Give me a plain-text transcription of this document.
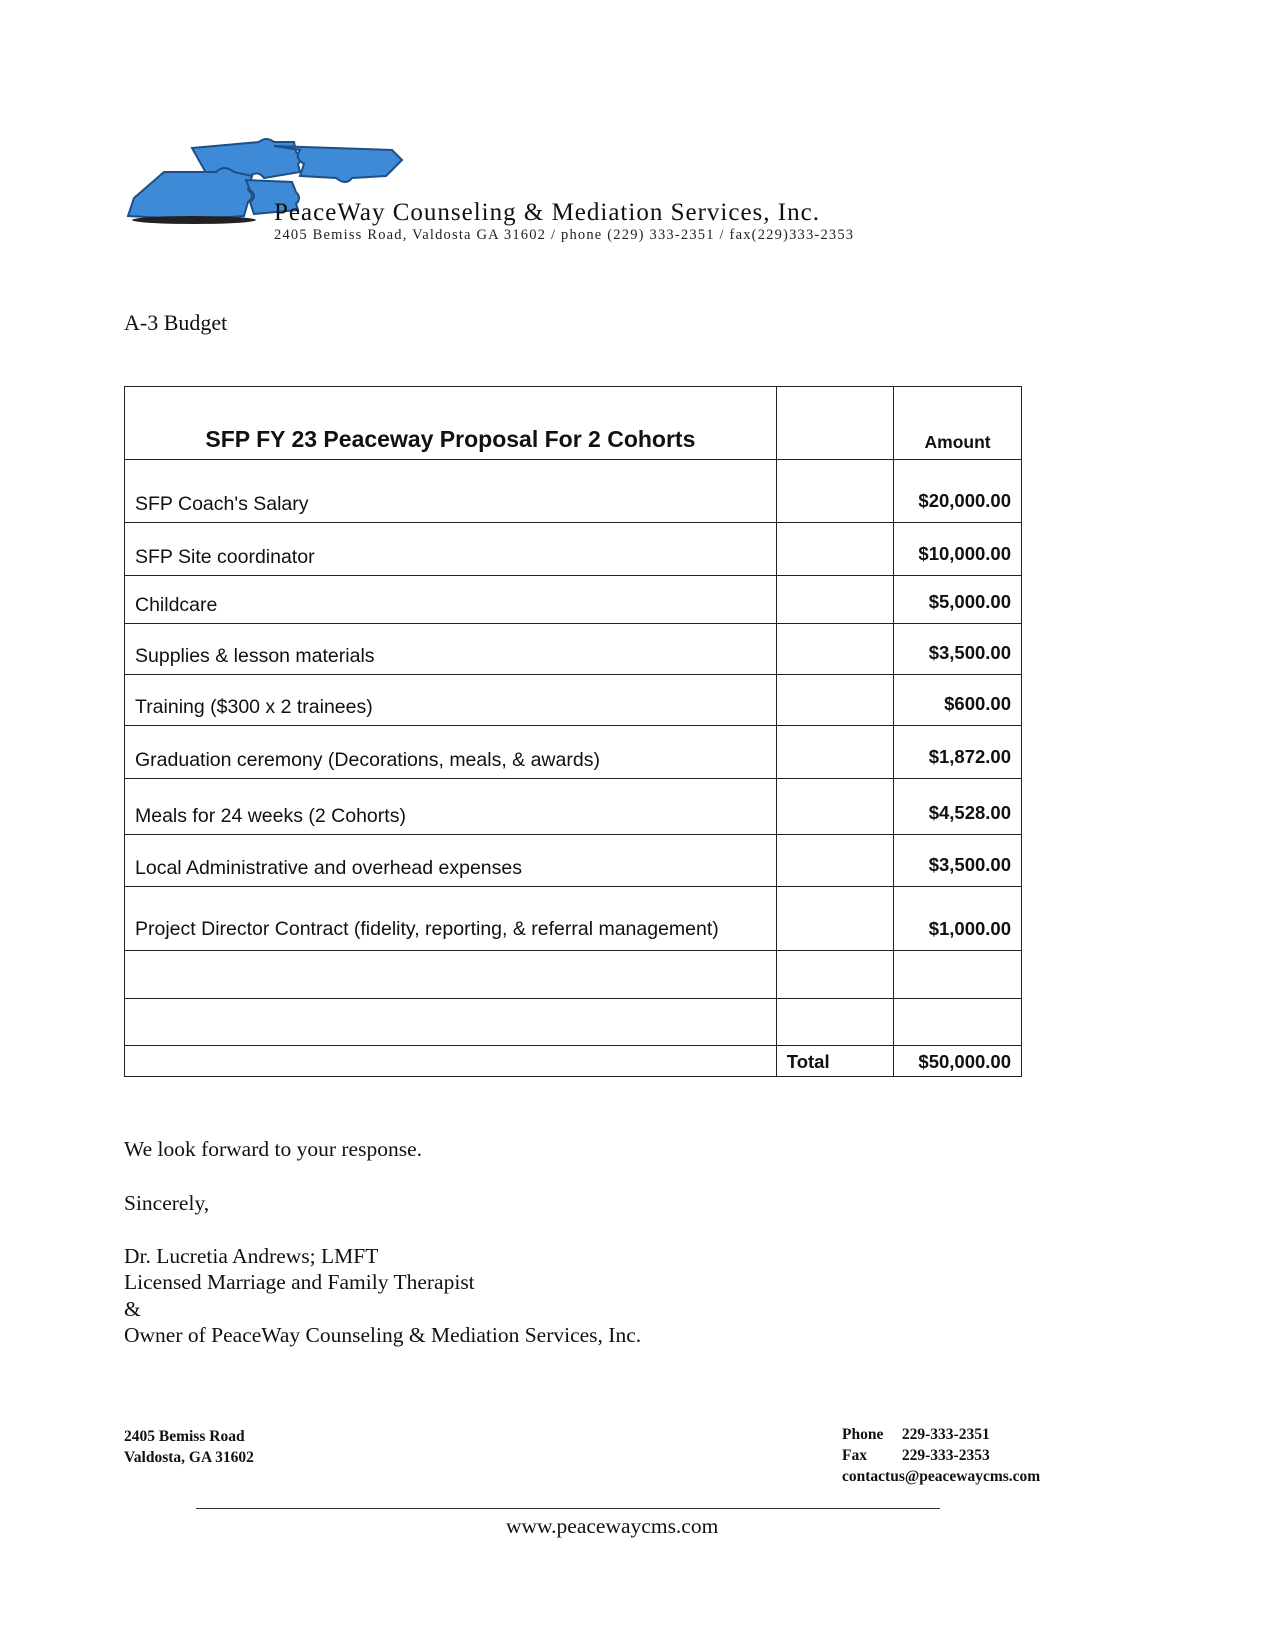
PeaceWay Counseling & Mediation Services, Inc.
2405 Bemiss Road, Valdosta GA 31602 / phone (229) 333-2351 / fax(229)333-2353
A-3 Budget
SFP FY 23 Peaceway Proposal For 2 Cohorts		Amount
SFP Coach's Salary		$20,000.00
SFP Site coordinator		$10,000.00
Childcare		$5,000.00
Supplies & lesson materials		$3,500.00
Training ($300 x 2 trainees)		$600.00
Graduation ceremony (Decorations, meals, & awards)		$1,872.00
Meals for 24 weeks (2 Cohorts)		$4,528.00
Local Administrative and overhead expenses		$3,500.00
Project Director Contract (fidelity, reporting, & referral management)		$1,000.00

	Total	$50,000.00
We look forward to your response.
Sincerely,
Dr. Lucretia Andrews; LMFT
Licensed Marriage and Family Therapist
&
Owner of PeaceWay Counseling & Mediation Services, Inc.
2405 Bemiss Road
Valdosta, GA 31602
Phone 229-333-2351
Fax 229-333-2353
contactus@peacewaycms.com
www.peacewaycms.com
